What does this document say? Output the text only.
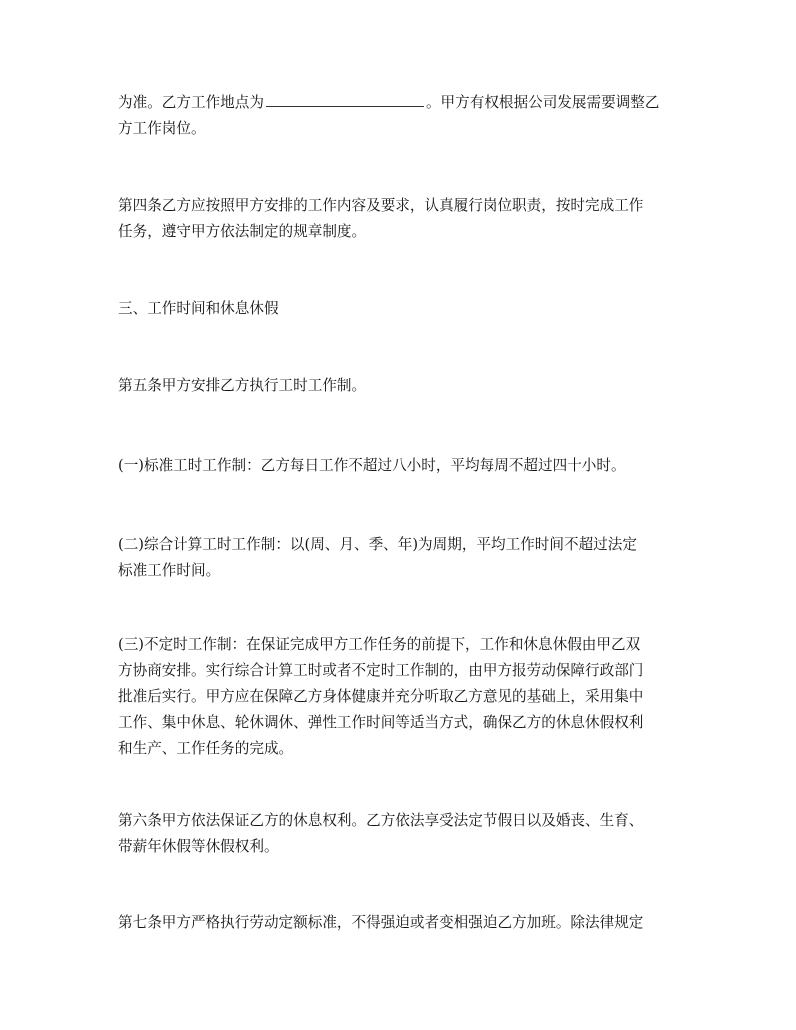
为准。乙方工作地点为	。甲方有权根据公司发展需要调整乙
方工作岗位。

第四条乙方应按照甲方安排的工作内容及要求，认真履行岗位职责，按时完成工作
任务，遵守甲方依法制定的规章制度。

三、工作时间和休息休假

第五条甲方安排乙方执行工时工作制。

(一)标准工时工作制：乙方每日工作不超过八小时，平均每周不超过四十小时。

(二)综合计算工时工作制：以(周、月、季、年)为周期，平均工作时间不超过法定
标准工作时间。

(三)不定时工作制：在保证完成甲方工作任务的前提下，工作和休息休假由甲乙双
方协商安排。实行综合计算工时或者不定时工作制的，由甲方报劳动保障行政部门
批准后实行。甲方应在保障乙方身体健康并充分听取乙方意见的基础上，采用集中
工作、集中休息、轮休调休、弹性工作时间等适当方式，确保乙方的休息休假权利
和生产、工作任务的完成。

第六条甲方依法保证乙方的休息权利。乙方依法享受法定节假日以及婚丧、生育、
带薪年休假等休假权利。

第七条甲方严格执行劳动定额标准，不得强迫或者变相强迫乙方加班。除法律规定
